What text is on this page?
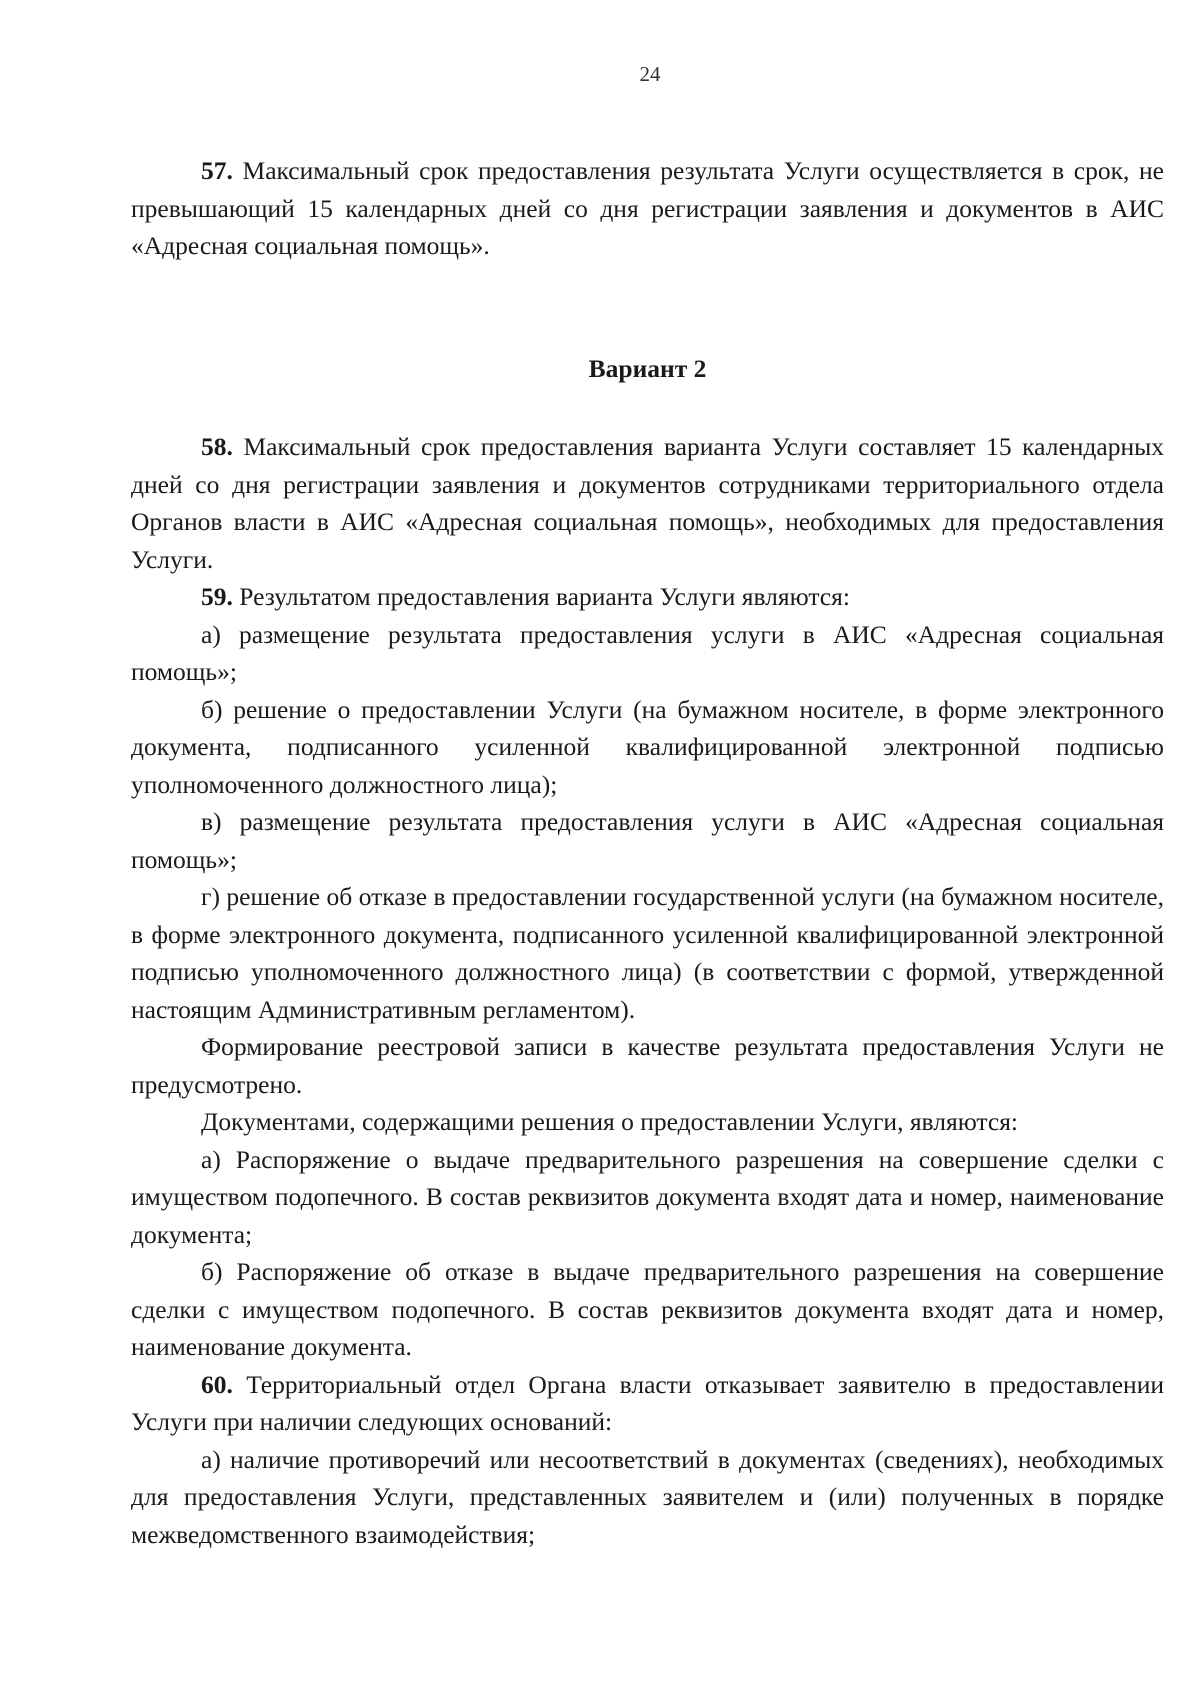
24

57. Максимальный срок предоставления результата Услуги осуществляется в срок, не превышающий 15 календарных дней со дня регистрации заявления и документов в АИС «Адресная социальная помощь».

Вариант 2

58. Максимальный срок предоставления варианта Услуги составляет 15 календарных дней со дня регистрации заявления и документов сотрудниками территориального отдела Органов власти в АИС «Адресная социальная помощь», необходимых для предоставления Услуги.

59. Результатом предоставления варианта Услуги являются:

а) размещение результата предоставления услуги в АИС «Адресная социальная помощь»;

б) решение о предоставлении Услуги (на бумажном носителе, в форме электронного документа, подписанного усиленной квалифицированной электронной подписью уполномоченного должностного лица);

в) размещение результата предоставления услуги в АИС «Адресная социальная помощь»;

г) решение об отказе в предоставлении государственной услуги (на бумажном носителе, в форме электронного документа, подписанного усиленной квалифицированной электронной подписью уполномоченного должностного лица) (в соответствии с формой, утвержденной настоящим Административным регламентом).

Формирование реестровой записи в качестве результата предоставления Услуги не предусмотрено.

Документами, содержащими решения о предоставлении Услуги, являются:

а) Распоряжение о выдаче предварительного разрешения на совершение сделки с имуществом подопечного. В состав реквизитов документа входят дата и номер, наименование документа;

б) Распоряжение об отказе в выдаче предварительного разрешения на совершение сделки с имуществом подопечного. В состав реквизитов документа входят дата и номер, наименование документа.

60. Территориальный отдел Органа власти отказывает заявителю в предоставлении Услуги при наличии следующих оснований:

а) наличие противоречий или несоответствий в документах (сведениях), необходимых для предоставления Услуги, представленных заявителем и (или) полученных в порядке межведомственного взаимодействия;
